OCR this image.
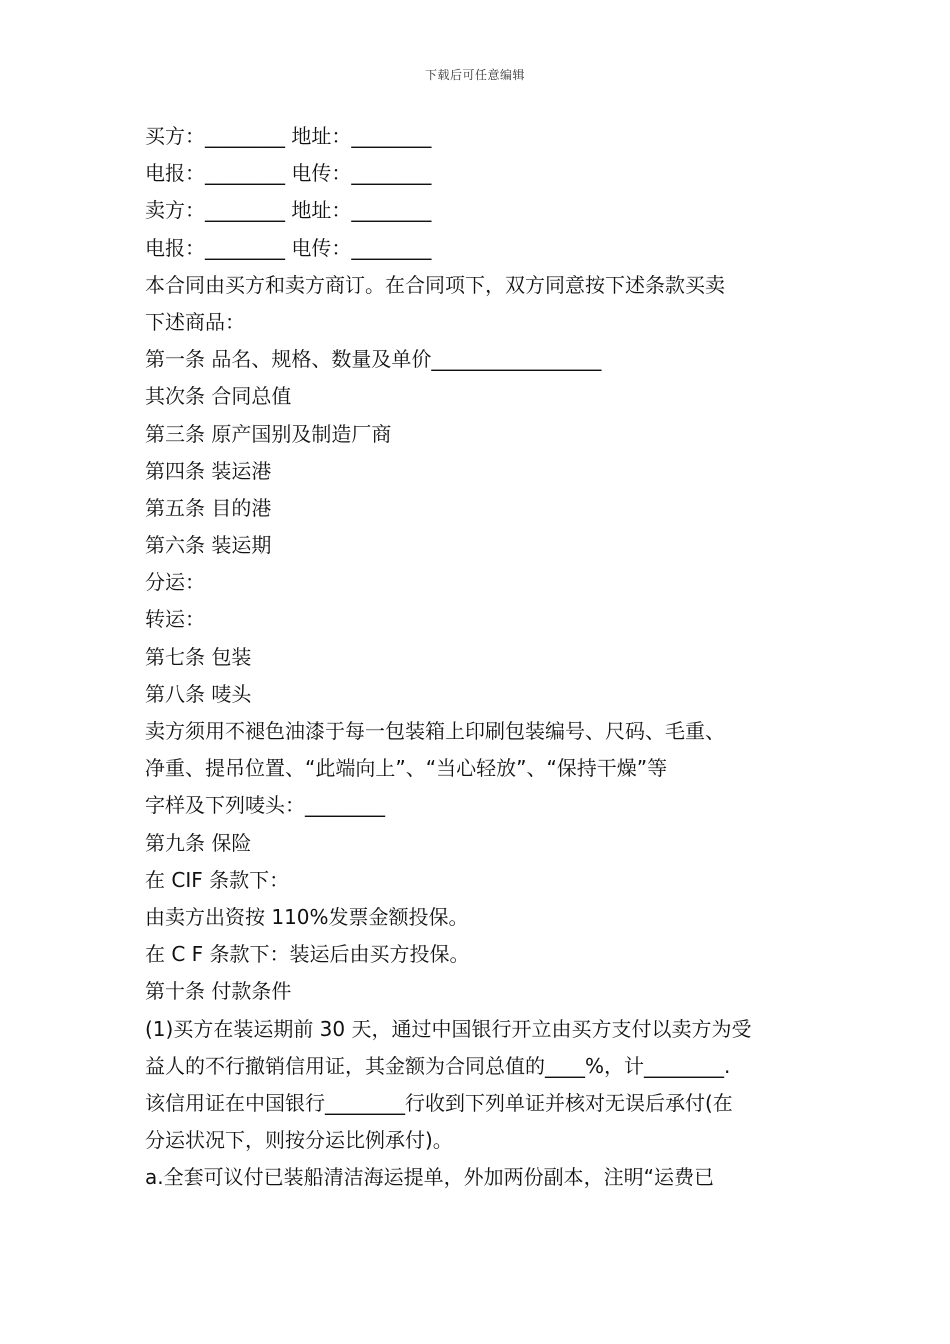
下载后可任意编辑

买方：________ 地址：________

电报：________ 电传：________

卖方：________ 地址：________

电报：________ 电传：________

本合同由买方和卖方商订。在合同项下，双方同意按下述条款买卖

下述商品：

第一条 品名、规格、数量及单价_________________

其次条 合同总值

第三条 原产国别及制造厂商

第四条 装运港

第五条 目的港

第六条 装运期

分运：

转运：

第七条 包装

第八条 唛头

卖方须用不褪色油漆于每一包装箱上印刷包装编号、尺码、毛重、

净重、提吊位置、“此端向上”、“当心轻放”、“保持干燥”等

字样及下列唛头：________

第九条 保险

在 CIF 条款下：

由卖方出资按 110%发票金额投保。

在 C F 条款下：装运后由买方投保。

第十条 付款条件

(1)买方在装运期前 30 天，通过中国银行开立由买方支付以卖方为受

益人的不行撤销信用证，其金额为合同总值的____%，计________.

该信用证在中国银行________行收到下列单证并核对无误后承付(在

分运状况下，则按分运比例承付)。

a.全套可议付已装船清洁海运提单，外加两份副本，注明“运费已
